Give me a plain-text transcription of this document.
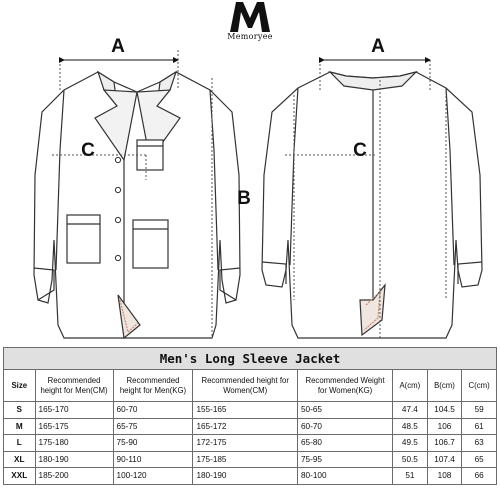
Memoryee
A
C
B
A
C
Men's Long Sleeve Jacket							
Size	Recommended height for Men(CM)	Recommended height for Men(KG)	Recommended height for Women(CM)	Recommended Weight for Women(KG)	A(cm)	B(cm)	C(cm)
S	165-170	60-70	155-165	50-65	47.4	104.5	59
M	165-175	65-75	165-172	60-70	48.5	106	61
L	175-180	75-90	172-175	65-80	49.5	106.7	63
XL	180-190	90-110	175-185	75-95	50.5	107.4	65
XXL	185-200	100-120	180-190	80-100	51	108	66
